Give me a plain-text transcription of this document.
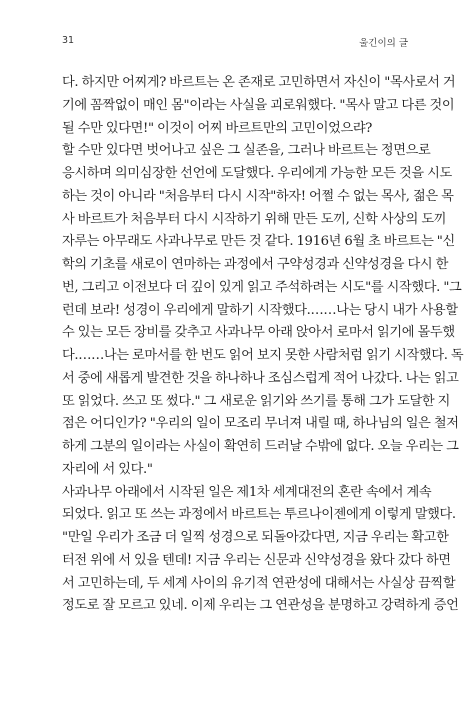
31	울긴이의 글
다. 하지만 어찌게? 바르트는 온 존재로 고민하면서 자신이 "목사로서 거
기에 꼼짝없이 매인 몸"이라는 사실을 괴로워했다. "목사 말고 다른 것이
될 수만 있다면!" 이것이 어찌 바르트만의 고민이었으랴?
할 수만 있다면 벗어나고 싶은 그 실존을, 그러나 바르트는 정면으로
응시하며 의미심장한 선언에 도달했다. 우리에게 가능한 모든 것을 시도
하는 것이 아니라 "처음부터 다시 시작"하자! 어쩔 수 없는 목사, 젊은 목
사 바르트가 처음부터 다시 시작하기 위해 만든 도끼, 신학 사상의 도끼
자루는 아무래도 사과나무로 만든 것 같다. 1916년 6월 초 바르트는 "신
학의 기초를 새로이 연마하는 과정에서 구약성경과 신약성경을 다시 한
번, 그리고 이전보다 더 깊이 있게 읽고 주석하려는 시도"를 시작했다. "그
런데 보라! 성경이 우리에게 말하기 시작했다.……나는 당시 내가 사용할
수 있는 모든 장비를 갖추고 사과나무 아래 앉아서 로마서 읽기에 몰두했
다.……나는 로마서를 한 번도 읽어 보지 못한 사람처럼 읽기 시작했다. 독
서 중에 새롭게 발견한 것을 하나하나 조심스럽게 적어 나갔다. 나는 읽고
또 읽었다. 쓰고 또 썼다." 그 새로운 읽기와 쓰기를 통해 그가 도달한 지
점은 어디인가? "우리의 일이 모조리 무너져 내릴 때, 하나님의 일은 철저
하게 그분의 일이라는 사실이 확연히 드러날 수밖에 없다. 오늘 우리는 그
자리에 서 있다."
사과나무 아래에서 시작된 일은 제1차 세계대전의 혼란 속에서 계속
되었다. 읽고 또 쓰는 과정에서 바르트는 투르나이젠에게 이렇게 말했다.
"만일 우리가 조금 더 일찍 성경으로 되돌아갔다면, 지금 우리는 확고한
터전 위에 서 있을 텐데! 지금 우리는 신문과 신약성경을 왔다 갔다 하면
서 고민하는데, 두 세계 사이의 유기적 연관성에 대해서는 사실상 끔찍할
정도로 잘 모르고 있네. 이제 우리는 그 연관성을 분명하고 강력하게 증언
